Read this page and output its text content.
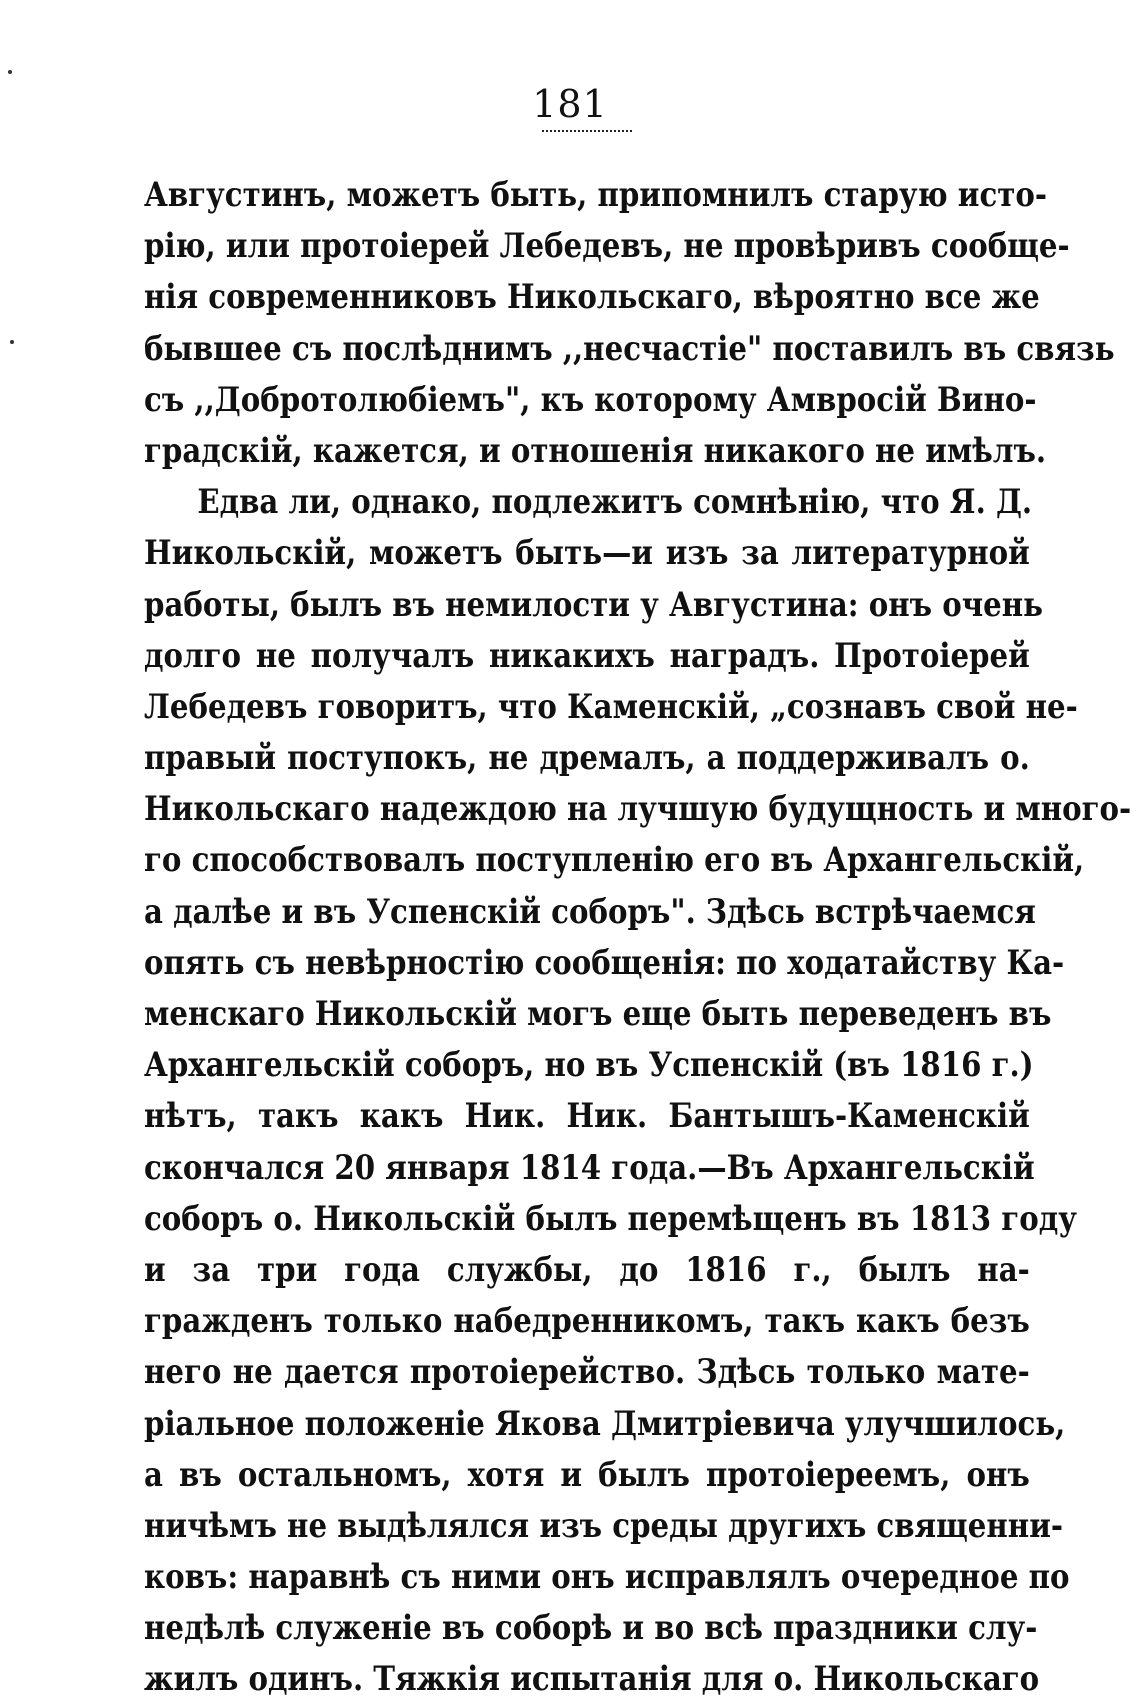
181
Августинъ, можетъ быть, припомнилъ старую исто-
рію, или протоіерей Лебедевъ, не провѣривъ сообще-
нія современниковъ Никольскаго, вѣроятно все же
бывшее съ послѣднимъ ,,несчастіе" поставилъ въ связь
съ ,,Добротолюбіемъ", къ которому Амвросій Вино-
градскій, кажется, и отношенія никакого не имѣлъ.
Едва ли, однако, подлежитъ сомнѣнію, что Я. Д.
Никольскій, можетъ быть—и изъ за литературной
работы, былъ въ немилости у Августина: онъ очень
долго не получалъ никакихъ наградъ. Протоіерей
Лебедевъ говоритъ, что Каменскій, „сознавъ свой не-
правый поступокъ, не дремалъ, а поддерживалъ о.
Никольскаго надеждою на лучшую будущность и много-
го способствовалъ поступленію его въ Архангельскій,
а далѣе и въ Успенскій соборъ". Здѣсь встрѣчаемся
опять съ невѣрностію сообщенія: по ходатайству Ка-
менскаго Никольскій могъ еще быть переведенъ въ
Архангельскій соборъ, но въ Успенскій (въ 1816 г.)
нѣтъ, такъ какъ Ник. Ник. Бантышъ-Каменскій
скончался 20 января 1814 года.—Въ Архангельскій
соборъ о. Никольскій былъ перемѣщенъ въ 1813 году
и за три года службы, до 1816 г., былъ на-
гражденъ только набедренникомъ, такъ какъ безъ
него не дается протоіерейство. Здѣсь только мате-
ріальное положеніе Якова Дмитріевича улучшилось,
а въ остальномъ, хотя и былъ протоіереемъ, онъ
ничѣмъ не выдѣлялся изъ среды другихъ священни-
ковъ: наравнѣ съ ними онъ исправлялъ очередное по
недѣлѣ служеніе въ соборѣ и во всѣ праздники слу-
жилъ одинъ. Тяжкія испытанія для о. Никольскаго
